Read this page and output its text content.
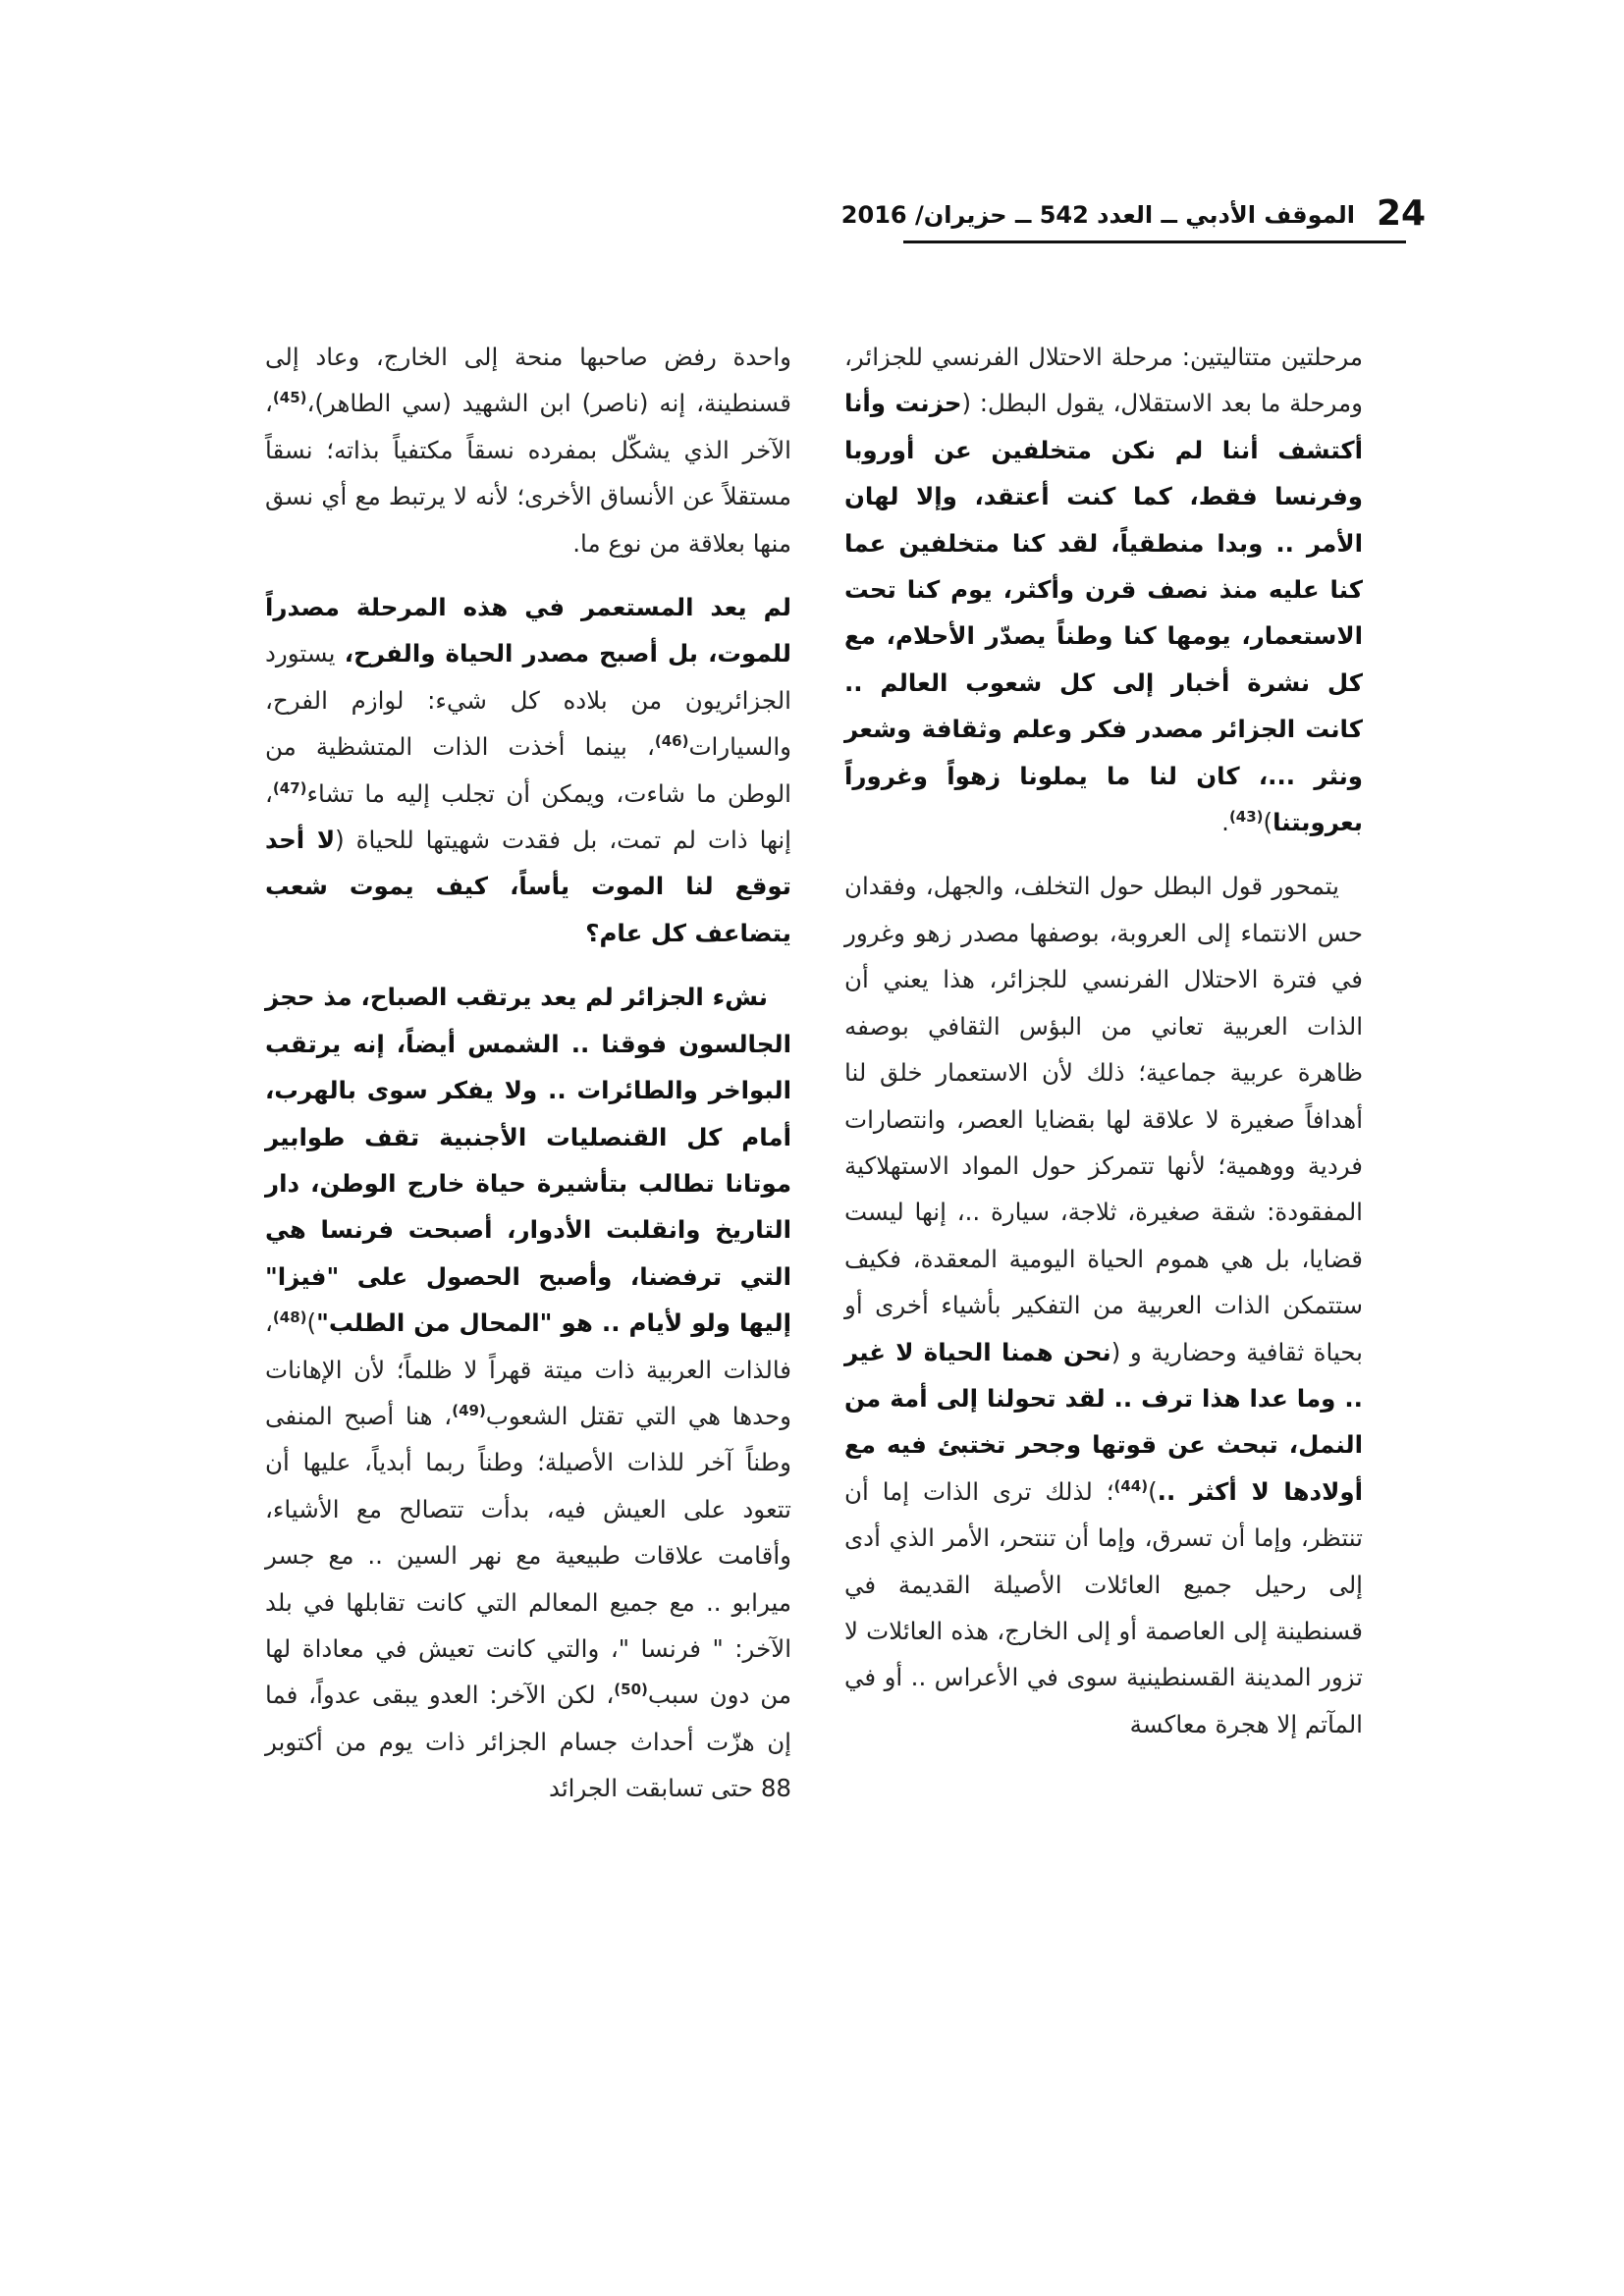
24
الموقف الأدبي ــ العدد 542 ــ حزيران/ 2016

مرحلتين متتاليتين: مرحلة الاحتلال الفرنسي للجزائر، ومرحلة ما بعد الاستقلال، يقول البطل: (حزنت وأنا أكتشف أننا لم نكن متخلفين عن أوروبا وفرنسا فقط، كما كنت أعتقد، وإلا لهان الأمر .. وبدا منطقياً، لقد كنا متخلفين عما كنا عليه منذ نصف قرن وأكثر، يوم كنا تحت الاستعمار، يومها كنا وطناً يصدّر الأحلام، مع كل نشرة أخبار إلى كل شعوب العالم .. كانت الجزائر مصدر فكر وعلم وثقافة وشعر ونثر ...، كان لنا ما يملونا زهواً وغروراً بعروبتنا)$^{(43)}$.

يتمحور قول البطل حول التخلف، والجهل، وفقدان حس الانتماء إلى العروبة، بوصفها مصدر زهو وغرور في فترة الاحتلال الفرنسي للجزائر، هذا يعني أن الذات العربية تعاني من البؤس الثقافي بوصفه ظاهرة عربية جماعية؛ ذلك لأن الاستعمار خلق لنا أهدافاً صغيرة لا علاقة لها بقضايا العصر، وانتصارات فردية ووهمية؛ لأنها تتمركز حول المواد الاستهلاكية المفقودة: شقة صغيرة، ثلاجة، سيارة ..، إنها ليست قضايا، بل هي هموم الحياة اليومية المعقدة، فكيف ستتمكن الذات العربية من التفكير بأشياء أخرى أو بحياة ثقافية وحضارية و (نحن همنا الحياة لا غير .. وما عدا هذا ترف .. لقد تحولنا إلى أمة من النمل، تبحث عن قوتها وجحر تختبئ فيه مع أولادها لا أكثر ..)$^{(44)}$؛ لذلك ترى الذات إما أن تنتظر، وإما أن تسرق، وإما أن تنتحر، الأمر الذي أدى إلى رحيل جميع العائلات الأصيلة القديمة في قسنطينة إلى العاصمة أو إلى الخارج، هذه العائلات لا تزور المدينة القسنطينية سوى في الأعراس .. أو في المآتم إلا هجرة معاكسة

واحدة رفض صاحبها منحة إلى الخارج، وعاد إلى قسنطينة، إنه (ناصر) ابن الشهيد (سي الطاهر)،$^{(45)}$، الآخر الذي يشكّل بمفرده نسقاً مكتفياً بذاته؛ نسقاً مستقلاً عن الأنساق الأخرى؛ لأنه لا يرتبط مع أي نسق منها بعلاقة من نوع ما.

لم يعد المستعمر في هذه المرحلة مصدراً للموت، بل أصبح مصدر الحياة والفرح، يستورد الجزائريون من بلاده كل شيء: لوازم الفرح، والسيارات$^{(46)}$، بينما أخذت الذات المتشظية من الوطن ما شاءت، ويمكن أن تجلب إليه ما تشاء$^{(47)}$، إنها ذات لم تمت، بل فقدت شهيتها للحياة (لا أحد توقع لنا الموت يأساً، كيف يموت شعب يتضاعف كل عام؟

نشء الجزائر لم يعد يرتقب الصباح، مذ حجز الجالسون فوقنا .. الشمس أيضاً، إنه يرتقب البواخر والطائرات .. ولا يفكر سوى بالهرب، أمام كل القنصليات الأجنبية تقف طوابير موتانا تطالب بتأشيرة حياة خارج الوطن، دار التاريخ وانقلبت الأدوار، أصبحت فرنسا هي التي ترفضنا، وأصبح الحصول على "فيزا" إليها ولو لأيام .. هو "المحال من الطلب")$^{(48)}$، فالذات العربية ذات ميتة قهراً لا ظلماً؛ لأن الإهانات وحدها هي التي تقتل الشعوب$^{(49)}$، هنا أصبح المنفى وطناً آخر للذات الأصيلة؛ وطناً ربما أبدياً، عليها أن تتعود على العيش فيه، بدأت تتصالح مع الأشياء، وأقامت علاقات طبيعية مع نهر السين .. مع جسر ميرابو .. مع جميع المعالم التي كانت تقابلها في بلد الآخر: " فرنسا "، والتي كانت تعيش في معاداة لها من دون سبب$^{(50)}$، لكن الآخر: العدو يبقى عدواً، فما إن هزّت أحداث جسام الجزائر ذات يوم من أكتوبر 88 حتى تسابقت الجرائد
